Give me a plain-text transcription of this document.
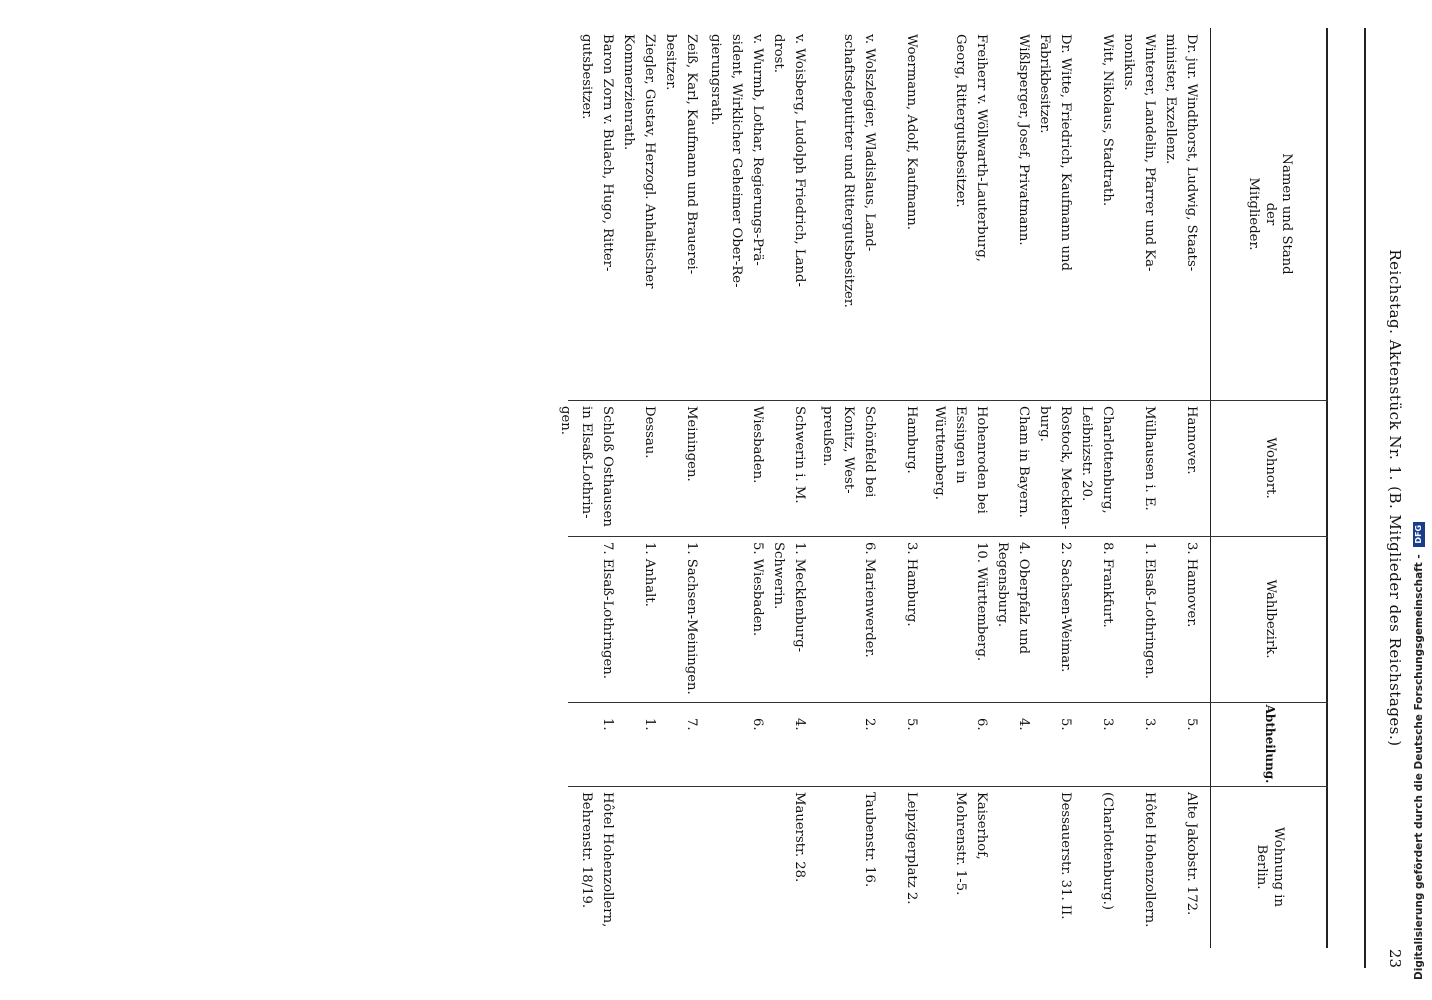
Reichstag. Aktenstück Nr. 1. (B. Mitglieder des Reichstages.)
23
Namen und Stand
der
Mitglieder.
Wohnort.
Wahlbezirk.
Abtheilung.
Wohnung in
Berlin.
Dr. jur. Windthorst, Ludwig, Staats-
minister, Exzellenz.
Hannover.
3. Hannover.
5.
Alte Jakobstr. 172.
Winterer, Landelin, Pfarrer und Ka-
nonikus.
Mülhausen i. E.
1. Elsaß-Lothringen.
3.
Hôtel Hohenzollern.
Witt, Nikolaus, Stadtrath.
Charlottenburg,
Leibnizstr. 20.
8. Frankfurt.
3.
(Charlottenburg.)
Dr. Witte, Friedrich, Kaufmann und
Fabrikbesitzer.
Rostock, Mecklen-
burg.
2. Sachsen-Weimar.
5.
Dessauerstr. 31. II.
Wißlsperger, Josef, Privatmann.
Cham in Bayern.
4. Oberpfalz und
Regensburg.
4.
Freiherr v. Wöllwarth-Lauterburg,
Georg, Rittergutsbesitzer.
Hohenroden bei
Essingen in
Württemberg.
10. Württemberg.
6.
Kaiserhof,
Mohrenstr. 1-5.
Woermann, Adolf, Kaufmann.
Hamburg.
3. Hamburg.
5.
Leipzigerplatz 2.
v. Wolszlegier, Wladislaus, Land-
schaftsdeputirter und Rittergutsbesitzer.
Schönfeld bei
Konitz, West-
preußen.
6. Marienwerder.
2.
Taubenstr. 16.
v. Woisberg, Ludolph Friedrich, Land-
drost.
Schwerin i. M.
1. Mecklenburg-
Schwerin.
4.
Mauerstr. 28.
v. Wurmb, Lothar, Regierungs-Prä-
sident, Wirklicher Geheimer Ober-Re-
gierungsrath.
Wiesbaden.
5. Wiesbaden.
6.
Zeiß, Karl, Kaufmann und Brauerei-
besitzer.
Meiningen.
1. Sachsen-Meiningen.
7.
Ziegler, Gustav, Herzogl. Anhaltischer
Kommerzienrath.
Dessau.
1. Anhalt.
1.
Baron Zorn v. Bulach, Hugo, Ritter-
gutsbesitzer.
Schloß Osthausen
in Elsaß-Lothrin-
gen.
7. Elsaß-Lothringen.
1.
Hôtel Hohenzollern,
Behrenstr. 18/19.	Digitalisierung gefördert durch die Deutsche Forschungsgemeinschaft - DFG
